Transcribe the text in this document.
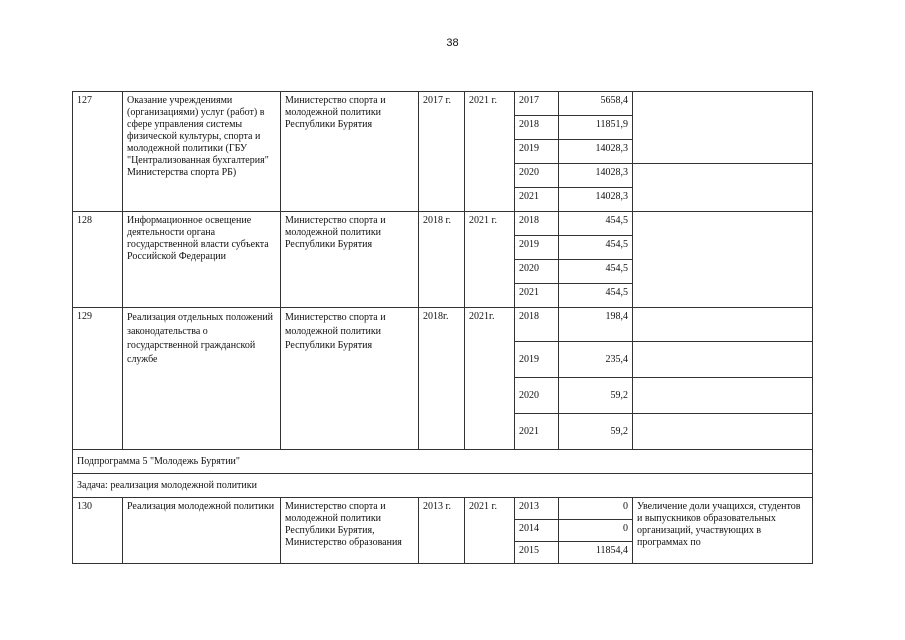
38
127	Оказание учреждениями (организациями) услуг (работ) в сфере управления системы физической культуры, спорта и молодежной политики (ГБУ "Централизованная бухгалтерия" Министерства спорта РБ)	Министерство спорта и молодежной политики Республики Бурятия	2017 г.	2021 г.	2017	5658,4	
					2018	11851,9	
					2019	14028,3	
					2020	14028,3	
					2021	14028,3	
128	Информационное освещение деятельности органа государственной власти субъекта Российской Федерации	Министерство спорта и молодежной политики Республики Бурятия	2018 г.	2021 г.	2018	454,5	
					2019	454,5	
					2020	454,5	
					2021	454,5	
129	Реализация отдельных положений законодательства о государственной гражданской службе	Министерство спорта и молодежной политики Республики Бурятия	2018г.	2021г.	2018	198,4	
					2019	235,4	
					2020	59,2	
					2021	59,2	
Подпрограмма 5 "Молодежь Бурятии"							
Задача: реализация молодежной политики							
130	Реализация молодежной политики	Министерство спорта и молодежной политики Республики Бурятия, Министерство образования	2013 г.	2021 г.	2013	0	Увеличение доли учащихся, студентов и выпускников образовательных организаций, участвующих в программах по
					2014	0	
					2015	11854,4	
